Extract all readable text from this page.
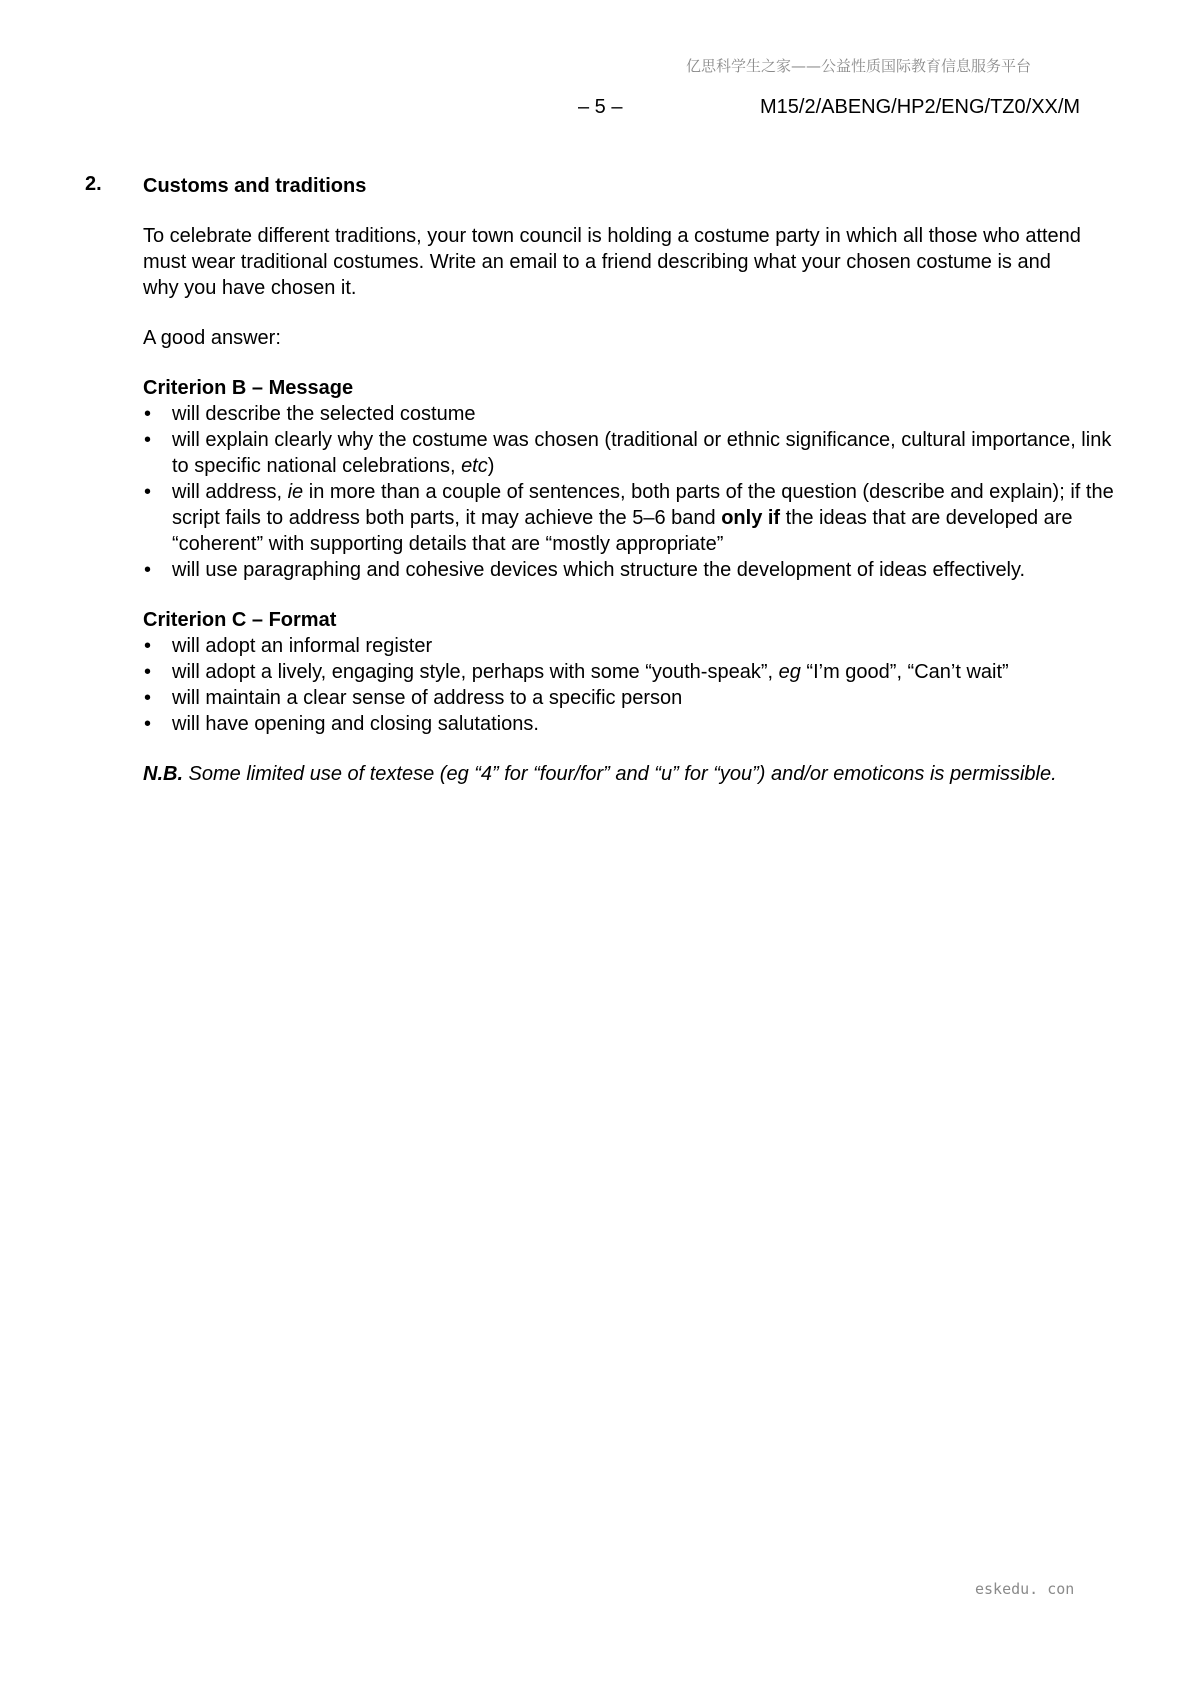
亿思科学生之家——公益性质国际教育信息服务平台
– 5 –	M15/2/ABENG/HP2/ENG/TZ0/XX/M
2. Customs and traditions

To celebrate different traditions, your town council is holding a costume party in which all those who attend must wear traditional costumes. Write an email to a friend describing what your chosen costume is and why you have chosen it.

A good answer:

Criterion B – Message
• will describe the selected costume
• will explain clearly why the costume was chosen (traditional or ethnic significance, cultural importance, link to specific national celebrations, etc)
• will address, ie in more than a couple of sentences, both parts of the question (describe and explain); if the script fails to address both parts, it may achieve the 5–6 band only if the ideas that are developed are “coherent” with supporting details that are “mostly appropriate”
• will use paragraphing and cohesive devices which structure the development of ideas effectively.
Criterion C – Format
• will adopt an informal register
• will adopt a lively, engaging style, perhaps with some “youth-speak”, eg “I’m good”, “Can’t wait”
• will maintain a clear sense of address to a specific person
• will have opening and closing salutations.

N.B. Some limited use of textese (eg “4” for “four/for” and “u” for “you”) and/or emoticons is permissible.

eskedu. con
